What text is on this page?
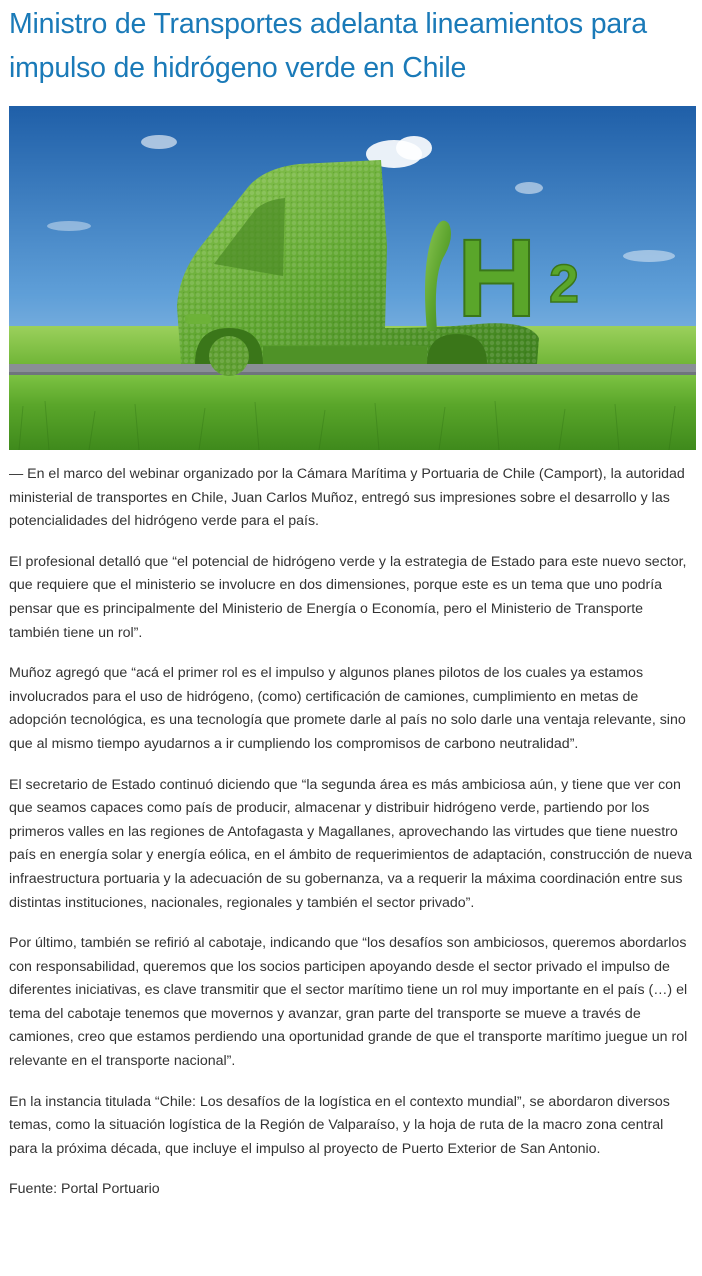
Ministro de Transportes adelanta lineamientos para impulso de hidrógeno verde en Chile
H 2

— En el marco del webinar organizado por la Cámara Marítima y Portuaria de Chile (Camport), la autoridad ministerial de transportes en Chile, Juan Carlos Muñoz, entregó sus impresiones sobre el desarrollo y las potencialidades del hidrógeno verde para el país.

El profesional detalló que “el potencial de hidrógeno verde y la estrategia de Estado para este nuevo sector, que requiere que el ministerio se involucre en dos dimensiones, porque este es un tema que uno podría pensar que es principalmente del Ministerio de Energía o Economía, pero el Ministerio de Transporte también tiene un rol”.

Muñoz agregó que “acá el primer rol es el impulso y algunos planes pilotos de los cuales ya estamos involucrados para el uso de hidrógeno, (como) certificación de camiones, cumplimiento en metas de adopción tecnológica, es una tecnología que promete darle al país no solo darle una ventaja relevante, sino que al mismo tiempo ayudarnos a ir cumpliendo los compromisos de carbono neutralidad”.

El secretario de Estado continuó diciendo que “la segunda área es más ambiciosa aún, y tiene que ver con que seamos capaces como país de producir, almacenar y distribuir hidrógeno verde, partiendo por los primeros valles en las regiones de Antofagasta y Magallanes, aprovechando las virtudes que tiene nuestro país en energía solar y energía eólica, en el ámbito de requerimientos de adaptación, construcción de nueva infraestructura portuaria y la adecuación de su gobernanza, va a requerir la máxima coordinación entre sus distintas instituciones, nacionales, regionales y también el sector privado”.

Por último, también se refirió al cabotaje, indicando que “los desafíos son ambiciosos, queremos abordarlos con responsabilidad, queremos que los socios participen apoyando desde el sector privado el impulso de diferentes iniciativas, es clave transmitir que el sector marítimo tiene un rol muy importante en el país (…) el tema del cabotaje tenemos que movernos y avanzar, gran parte del transporte se mueve a través de camiones, creo que estamos perdiendo una oportunidad grande de que el transporte marítimo juegue un rol relevante en el transporte nacional”.

En la instancia titulada “Chile: Los desafíos de la logística en el contexto mundial”, se abordaron diversos temas, como la situación logística de la Región de Valparaíso, y la hoja de ruta de la macro zona central para la próxima década, que incluye el impulso al proyecto de Puerto Exterior de San Antonio.

Fuente: Portal Portuario
